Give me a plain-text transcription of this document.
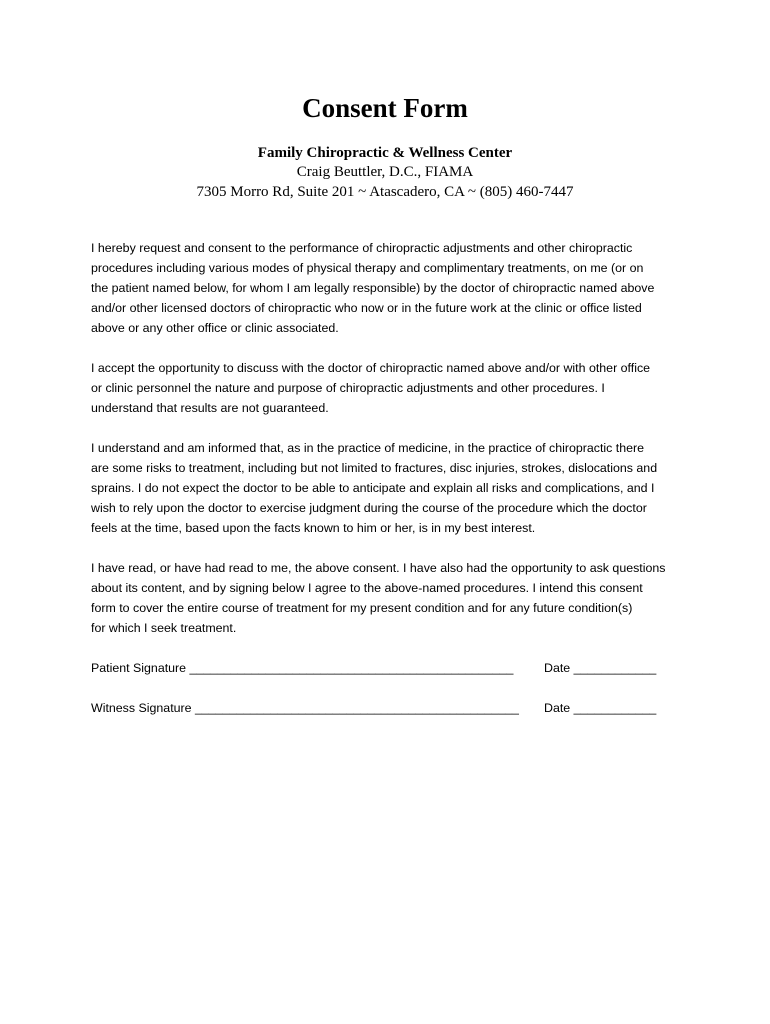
Consent Form
Family Chiropractic & Wellness Center
Craig Beuttler, D.C., FIAMA
7305 Morro Rd, Suite 201 ~ Atascadero, CA ~ (805) 460-7447
I hereby request and consent to the performance of chiropractic adjustments and other chiropractic
procedures including various modes of physical therapy and complimentary treatments, on me (or on
the patient named below, for whom I am legally responsible) by the doctor of chiropractic named above
and/or other licensed doctors of chiropractic who now or in the future work at the clinic or office listed
above or any other office or clinic associated.
I accept the opportunity to discuss with the doctor of chiropractic named above and/or with other office
or clinic personnel the nature and purpose of chiropractic adjustments and other procedures. I
understand that results are not guaranteed.
I understand and am informed that, as in the practice of medicine, in the practice of chiropractic there
are some risks to treatment, including but not limited to fractures, disc injuries, strokes, dislocations and
sprains. I do not expect the doctor to be able to anticipate and explain all risks and complications, and I
wish to rely upon the doctor to exercise judgment during the course of the procedure which the doctor
feels at the time, based upon the facts known to him or her, is in my best interest.
I have read, or have had read to me, the above consent. I have also had the opportunity to ask questions
about its content, and by signing below I agree to the above-named procedures. I intend this consent
form to cover the entire course of treatment for my present condition and for any future condition(s)
for which I seek treatment.
Patient Signature _______________________________________________ Date ____________
Witness Signature _______________________________________________ Date ____________
